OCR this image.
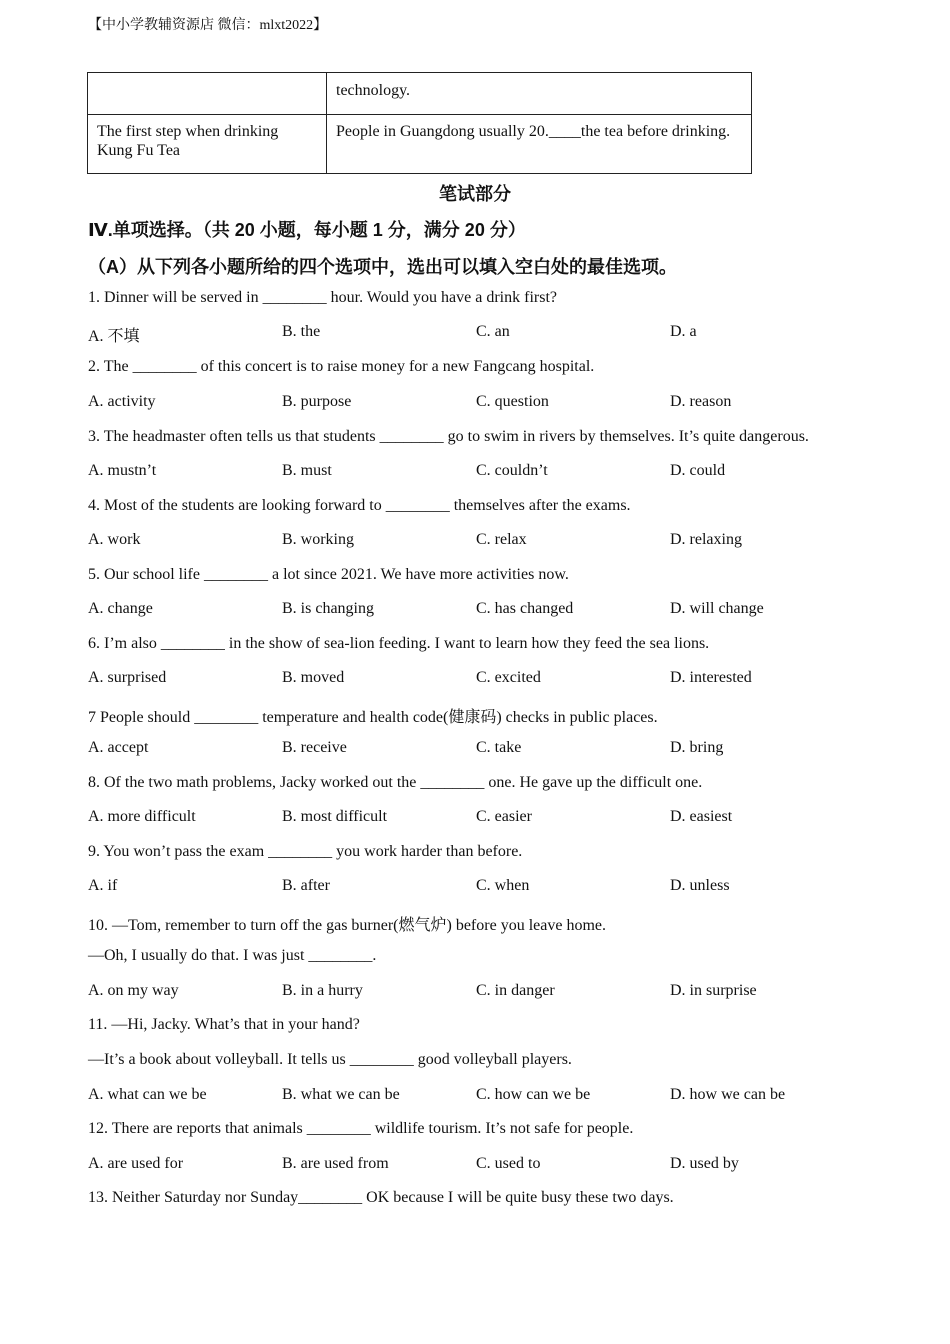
【中小学教辅资源店 微信：mlxt2022】
	technology.
The first step when drinking Kung Fu Tea	People in Guangdong usually 20.____the tea before drinking.
笔试部分
Ⅳ.单项选择。（共 20 小题，每小题 1 分，满分 20 分）
（A）从下列各小题所给的四个选项中，选出可以填入空白处的最佳选项。
1. Dinner will be served in ________ hour. Would you have a drink first?
A. 不填	B. the	C. an	D. a
2. The ________ of this concert is to raise money for a new Fangcang hospital.
A. activity	B. purpose	C. question	D. reason
3. The headmaster often tells us that students ________ go to swim in rivers by themselves. It’s quite dangerous.
A. mustn’t	B. must	C. couldn’t	D. could
4. Most of the students are looking forward to ________ themselves after the exams.
A. work	B. working	C. relax	D. relaxing
5. Our school life ________ a lot since 2021. We have more activities now.
A. change	B. is changing	C. has changed	D. will change
6. I’m also ________ in the show of sea-lion feeding. I want to learn how they feed the sea lions.
A. surprised	B. moved	C. excited	D. interested
7 People should ________ temperature and health code(健康码) checks in public places.
A. accept	B. receive	C. take	D. bring
8. Of the two math problems, Jacky worked out the ________ one. He gave up the difficult one.
A. more difficult	B. most difficult	C. easier	D. easiest
9. You won’t pass the exam ________ you work harder than before.
A. if	B. after	C. when	D. unless
10. —Tom, remember to turn off the gas burner(燃气炉) before you leave home.
—Oh, I usually do that. I was just ________.
A. on my way	B. in a hurry	C. in danger	D. in surprise
11. —Hi, Jacky. What’s that in your hand?
—It’s a book about volleyball. It tells us ________ good volleyball players.
A. what can we be	B. what we can be	C. how can we be	D. how we can be
12. There are reports that animals ________ wildlife tourism. It’s not safe for people.
A. are used for	B. are used from	C. used to	D. used by
13. Neither Saturday nor Sunday________ OK because I will be quite busy these two days.
